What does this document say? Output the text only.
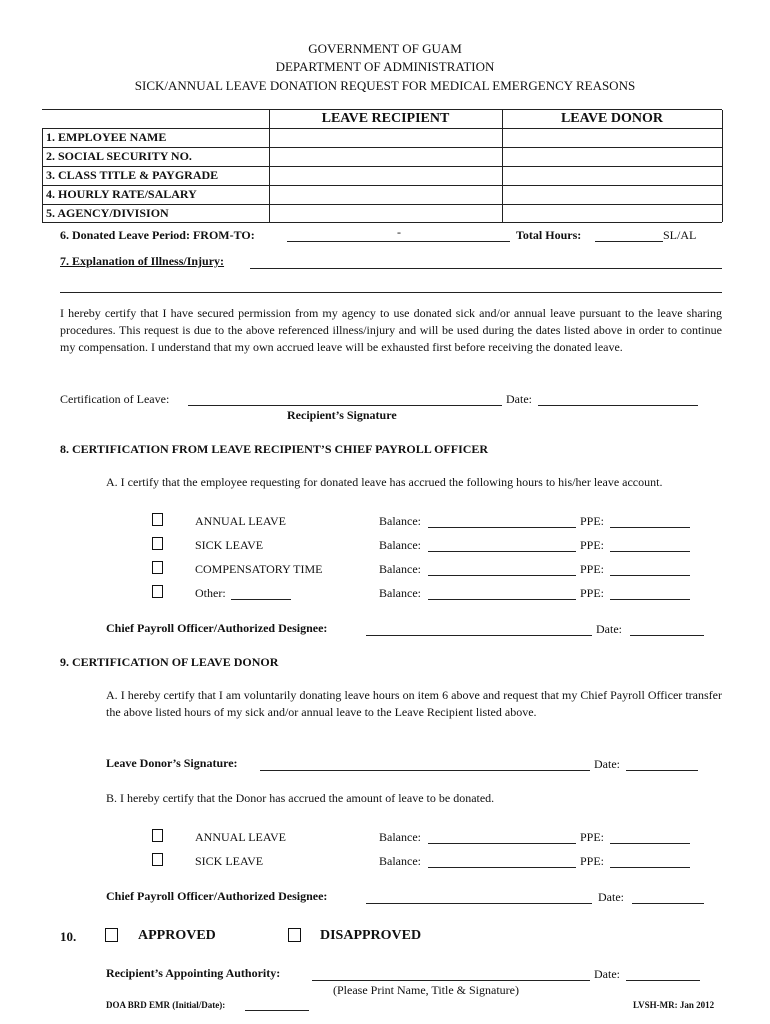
GOVERNMENT OF GUAM
DEPARTMENT OF ADMINISTRATION
SICK/ANNUAL LEAVE DONATION REQUEST FOR MEDICAL EMERGENCY REASONS
LEAVE RECIPIENT	LEAVE DONOR
1. EMPLOYEE NAME
2. SOCIAL SECURITY NO.
3. CLASS TITLE & PAYGRADE
4. HOURLY RATE/SALARY
5. AGENCY/DIVISION
6. Donated Leave Period: FROM-TO:	-	Total Hours:	SL/AL
7. Explanation of Illness/Injury:
I hereby certify that I have secured permission from my agency to use donated sick and/or annual leave pursuant to the leave sharing procedures. This request is due to the above referenced illness/injury and will be used during the dates listed above in order to continue my compensation. I understand that my own accrued leave will be exhausted first before receiving the donated leave.
Certification of Leave:	Date:
Recipient’s Signature
8. CERTIFICATION FROM LEAVE RECIPIENT’S CHIEF PAYROLL OFFICER
A. I certify that the employee requesting for donated leave has accrued the following hours to his/her leave account.
ANNUAL LEAVE	Balance:	PPE:
SICK LEAVE	Balance:	PPE:
COMPENSATORY TIME	Balance:	PPE:
Other:	Balance:	PPE:
Chief Payroll Officer/Authorized Designee:	Date:
9. CERTIFICATION OF LEAVE DONOR
A. I hereby certify that I am voluntarily donating leave hours on item 6 above and request that my Chief Payroll Officer transfer the above listed hours of my sick and/or annual leave to the Leave Recipient listed above.
Leave Donor’s Signature:	Date:
B. I hereby certify that the Donor has accrued the amount of leave to be donated.
ANNUAL LEAVE	Balance:	PPE:
SICK LEAVE	Balance:	PPE:
Chief Payroll Officer/Authorized Designee:	Date:
10.	APPROVED	DISAPPROVED
Recipient’s Appointing Authority:	Date:
(Please Print Name, Title & Signature)
DOA BRD EMR (Initial/Date):	LVSH-MR: Jan 2012
